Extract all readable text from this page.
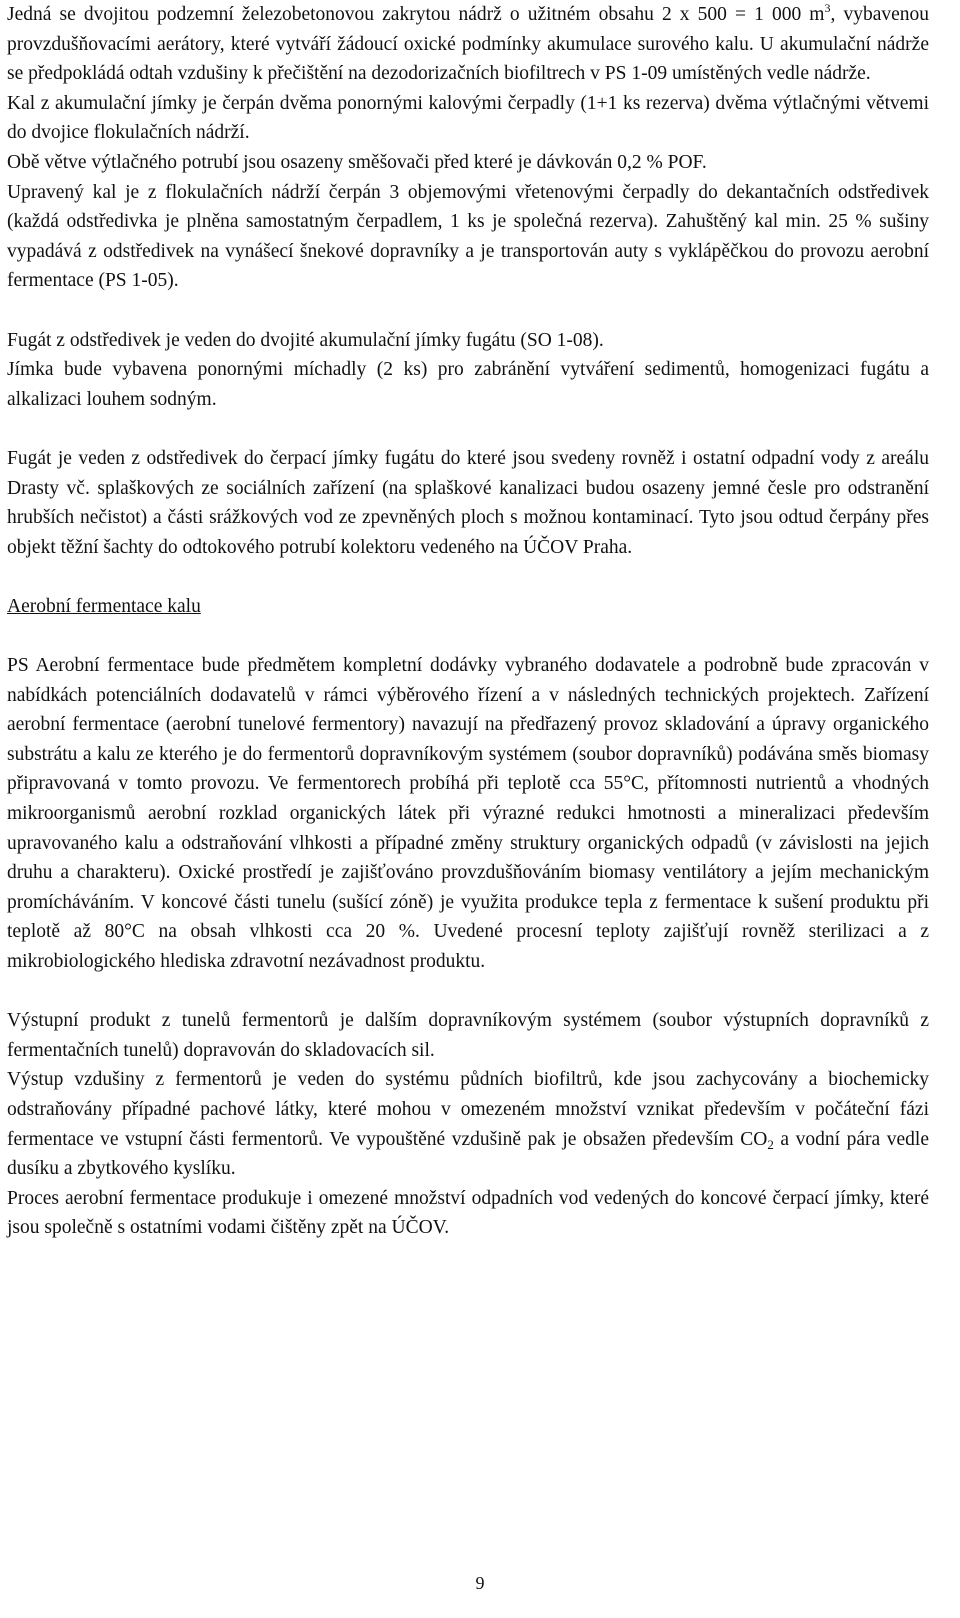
Jedná se dvojitou podzemní železobetonovou zakrytou nádrž o užitném obsahu 2 x 500 = 1 000 $m^3$, vybavenou provzdušňovacími aerátory, které vytváří žádoucí oxické podmínky akumulace surového kalu. U akumulační nádrže se předpokládá odtah vzdušiny k přečištění na dezodorizačních biofiltrech v PS 1-09 umístěných vedle nádrže.

Kal z akumulační jímky je čerpán dvěma ponornými kalovými čerpadly (1+1 ks rezerva) dvěma výtlačnými větvemi do dvojice flokulačních nádrží.

Obě větve výtlačného potrubí jsou osazeny směšovači před které je dávkován 0,2 % POF.

Upravený kal je z flokulačních nádrží čerpán 3 objemovými vřetenovými čerpadly do dekantačních odstředivek (každá odstředivka je plněna samostatným čerpadlem, 1 ks je společná rezerva). Zahuštěný kal min. 25 % sušiny vypadává z odstředivek na vynášecí šnekové dopravníky a je transportován auty s vyklápěčkou do provozu aerobní fermentace (PS 1-05).

Fugát z odstředivek je veden do dvojité akumulační jímky fugátu (SO 1-08).

Jímka bude vybavena ponornými míchadly (2 ks) pro zabránění vytváření sedimentů, homogenizaci fugátu a alkalizaci louhem sodným.

Fugát je veden z odstředivek do čerpací jímky fugátu do které jsou svedeny rovněž i ostatní odpadní vody z areálu Drasty vč. splaškových ze sociálních zařízení (na splaškové kanalizaci budou osazeny jemné česle pro odstranění hrubších nečistot) a části srážkových vod ze zpevněných ploch s možnou kontaminací. Tyto jsou odtud čerpány přes objekt těžní šachty do odtokového potrubí kolektoru vedeného na ÚČOV Praha.

Aerobní fermentace kalu

PS Aerobní fermentace bude předmětem kompletní dodávky vybraného dodavatele a podrobně bude zpracován v nabídkách potenciálních dodavatelů v rámci výběrového řízení a v následných technických projektech. Zařízení aerobní fermentace (aerobní tunelové fermentory) navazují na předřazený provoz skladování a úpravy organického substrátu a kalu ze kterého je do fermentorů dopravníkovým systémem (soubor dopravníků) podávána směs biomasy připravovaná v tomto provozu. Ve fermentorech probíhá při teplotě cca 55°C, přítomnosti nutrientů a vhodných mikroorganismů aerobní rozklad organických látek při výrazné redukci hmotnosti a mineralizaci především upravovaného kalu a odstraňování vlhkosti a případné změny struktury organických odpadů (v závislosti na jejich druhu a charakteru). Oxické prostředí je zajišťováno provzdušňováním biomasy ventilátory a jejím mechanickým promícháváním. V koncové části tunelu (sušící zóně) je využita produkce tepla z fermentace k sušení produktu při teplotě až 80°C na obsah vlhkosti cca 20 %. Uvedené procesní teploty zajišťují rovněž sterilizaci a z mikrobiologického hlediska zdravotní nezávadnost produktu.

Výstupní produkt z tunelů fermentorů je dalším dopravníkovým systémem (soubor výstupních dopravníků z fermentačních tunelů) dopravován do skladovacích sil.

Výstup vzdušiny z fermentorů je veden do systému půdních biofiltrů, kde jsou zachycovány a biochemicky odstraňovány případné pachové látky, které mohou v omezeném množství vznikat především v počáteční fázi fermentace ve vstupní části fermentorů. Ve vypouštěné vzdušině pak je obsažen především $CO_2$ a vodní pára vedle dusíku a zbytkového kyslíku.

Proces aerobní fermentace produkuje i omezené množství odpadních vod vedených do koncové čerpací jímky, které jsou společně s ostatními vodami čištěny zpět na ÚČOV.

9
